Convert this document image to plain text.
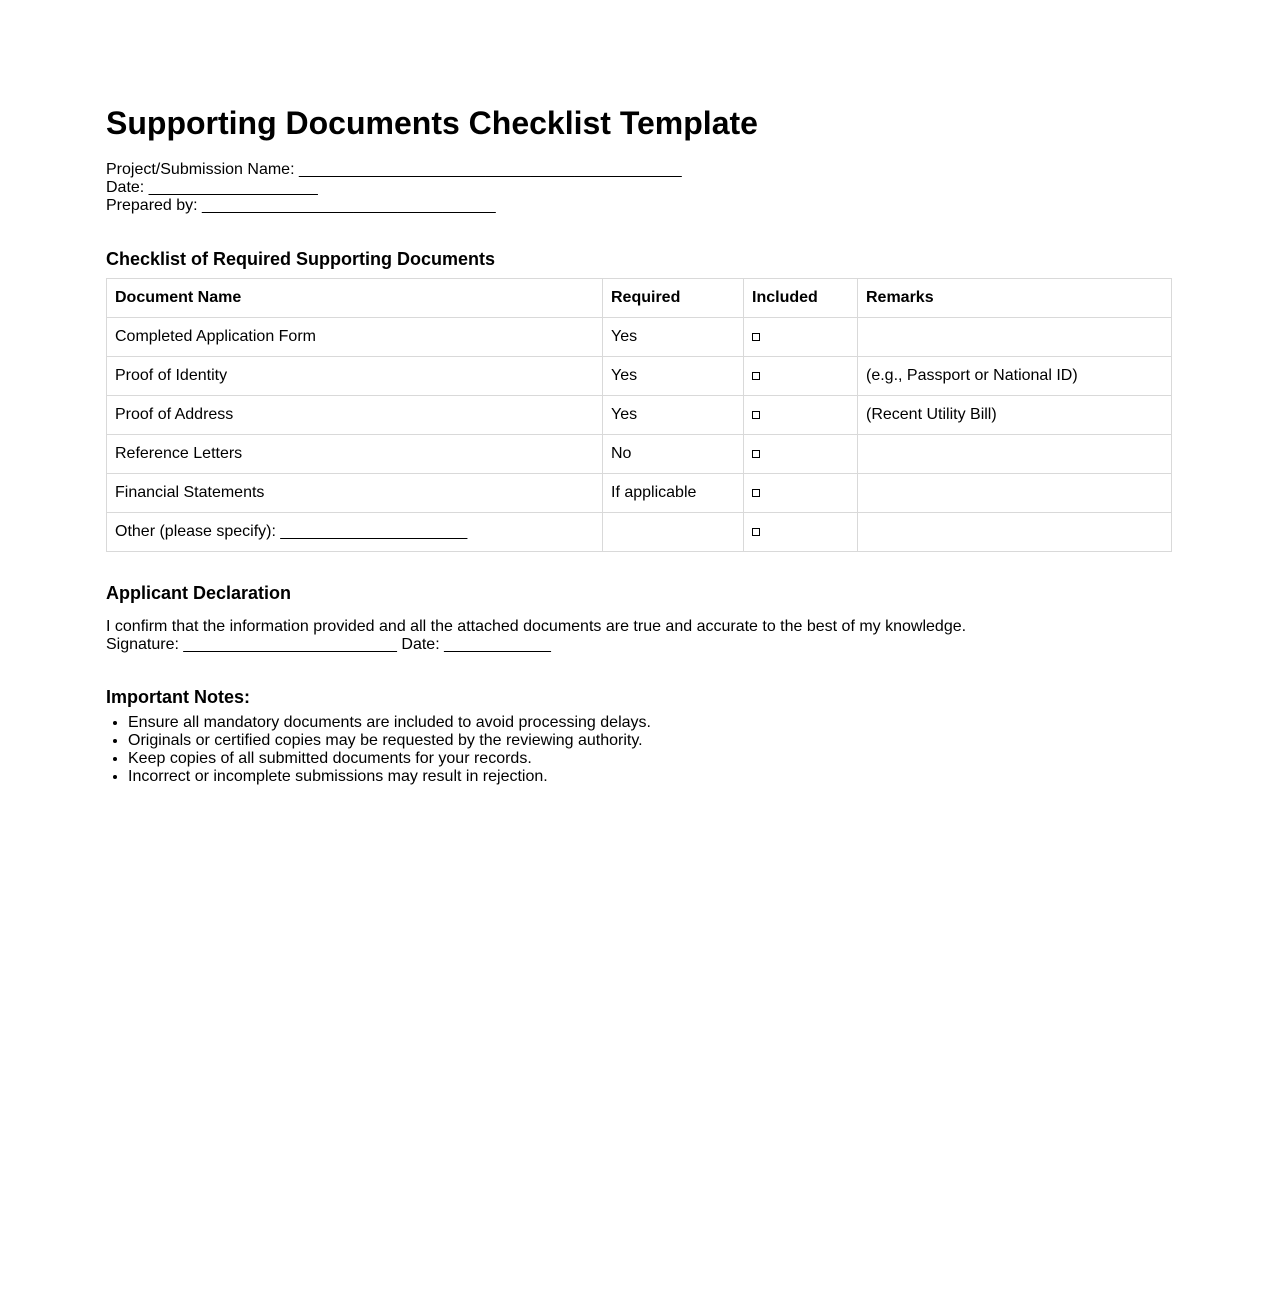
Supporting Documents Checklist Template
Project/Submission Name: ___________________________________________
Date: ___________________
Prepared by: _________________________________
Checklist of Required Supporting Documents
Document Name	Required	Included	Remarks
Completed Application Form	Yes		
Proof of Identity	Yes		(e.g., Passport or National ID)
Proof of Address	Yes		(Recent Utility Bill)
Reference Letters	No		
Financial Statements	If applicable		
Other (please specify): _____________________			
Applicant Declaration
I confirm that the information provided and all the attached documents are true and accurate to the best of my knowledge.
Signature: ________________________ Date: ____________
Important Notes:
• Ensure all mandatory documents are included to avoid processing delays.
• Originals or certified copies may be requested by the reviewing authority.
• Keep copies of all submitted documents for your records.
• Incorrect or incomplete submissions may result in rejection.
